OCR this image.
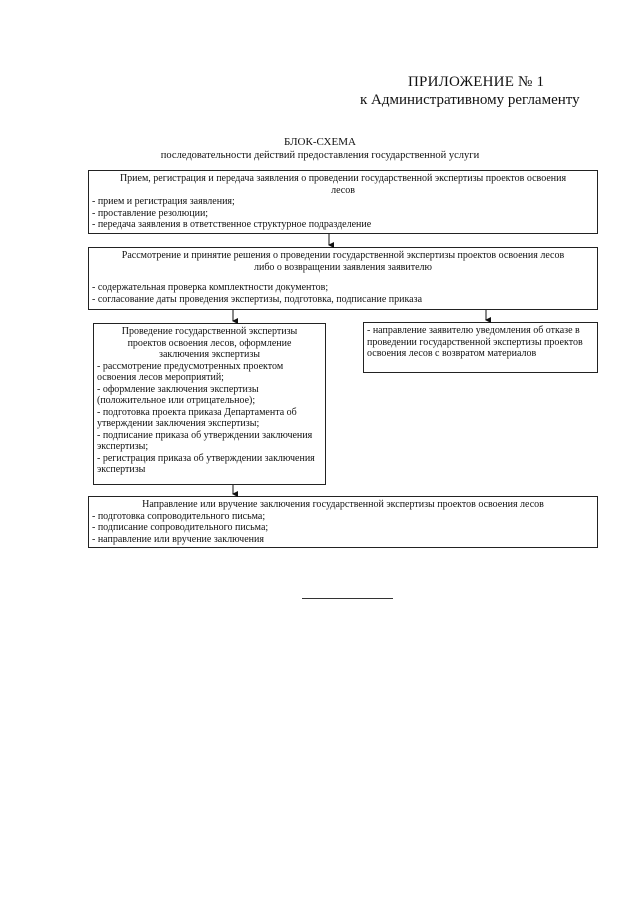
ПРИЛОЖЕНИЕ № 1
к Административному регламенту
БЛОК-СХЕМА
последовательности действий предоставления государственной услуги
Прием, регистрация и передача заявления о проведении государственной экспертизы проектов освоения
лесов
- прием и регистрация заявления;
- проставление резолюции;
- передача заявления в ответственное структурное подразделение
Рассмотрение и принятие решения о проведении государственной экспертизы проектов освоения лесов
либо о возвращении заявления заявителю
- содержательная проверка комплектности документов;
- согласование даты проведения экспертизы, подготовка, подписание приказа
Проведение государственной экспертизы
проектов освоения лесов, оформление
заключения экспертизы
- рассмотрение предусмотренных проектом освоения лесов мероприятий;
- оформление заключения экспертизы (положительное или отрицательное);
- подготовка проекта приказа Департамента об утверждении заключения экспертизы;
- подписание приказа об утверждении заключения экспертизы;
- регистрация приказа об утверждении заключения экспертизы
- направление заявителю уведомления об отказе в проведении государственной экспертизы проектов освоения лесов с возвратом материалов
Направление или вручение заключения государственной экспертизы проектов освоения лесов
- подготовка сопроводительного письма;
- подписание сопроводительного письма;
- направление или вручение заключения
